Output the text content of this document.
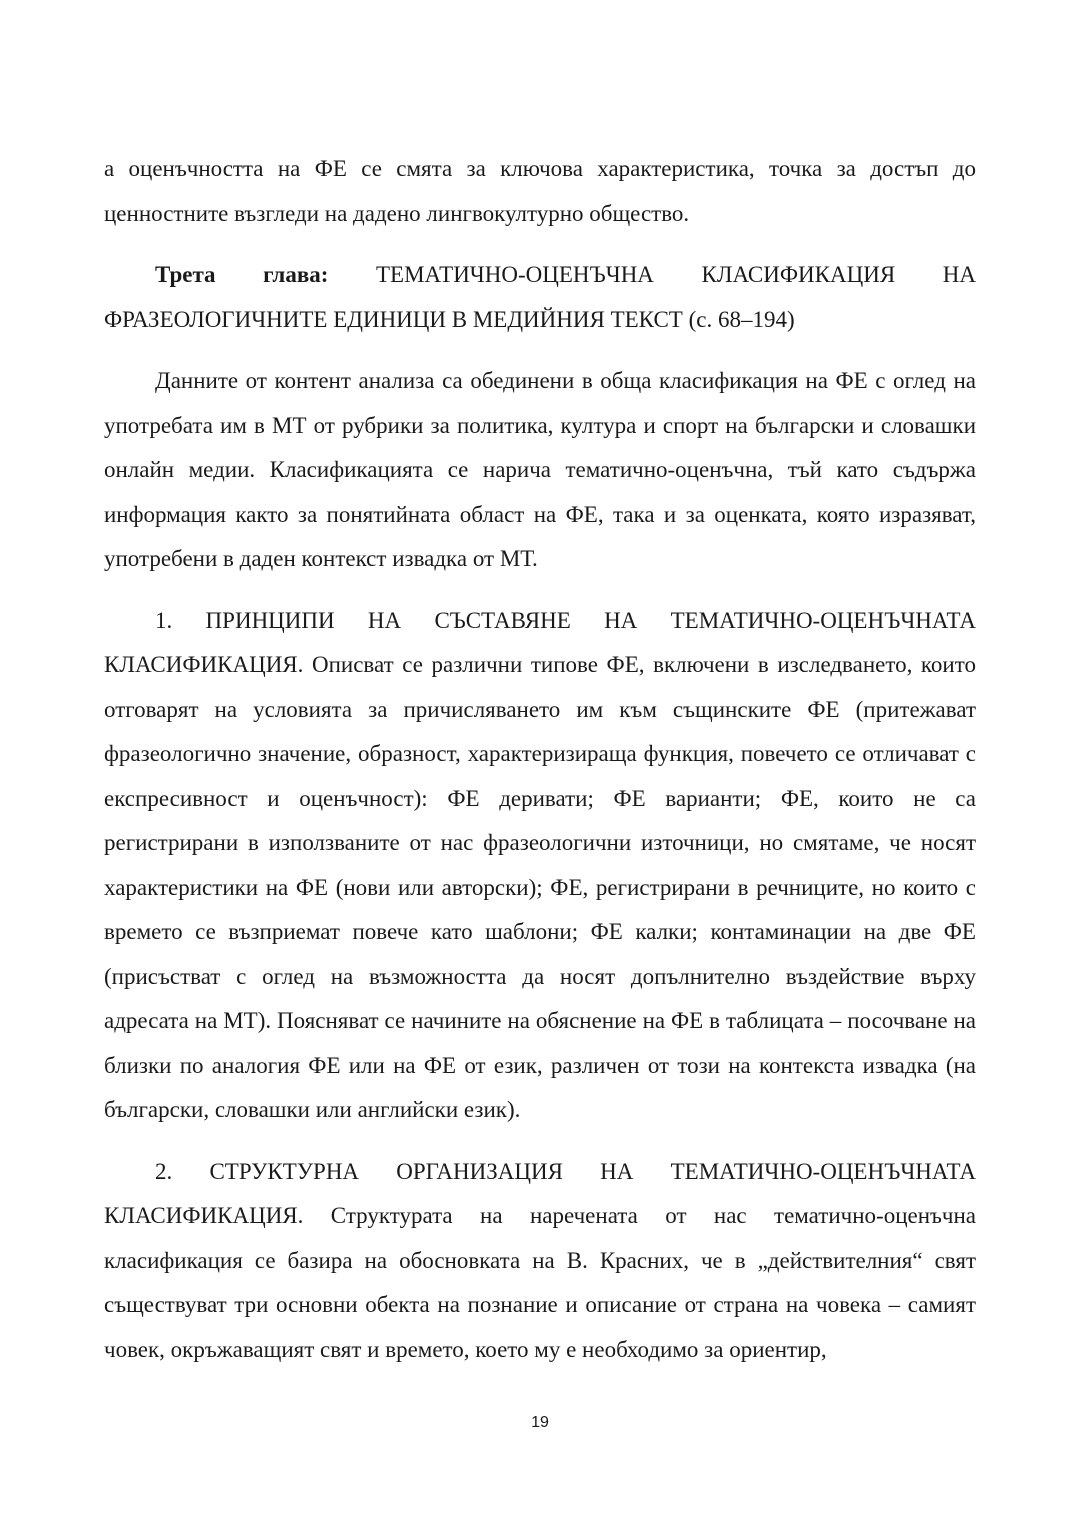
а оценъчността на ФЕ се смята за ключова характеристика, точка за достъп до ценностните възгледи на дадено лингвокултурно общество.

Трета глава: ТЕМАТИЧНО-ОЦЕНЪЧНА КЛАСИФИКАЦИЯ НА ФРАЗЕОЛОГИЧНИТЕ ЕДИНИЦИ В МЕДИЙНИЯ ТЕКСТ (с. 68–194)

Данните от контент анализа са обединени в обща класификация на ФЕ с оглед на употребата им в МТ от рубрики за политика, култура и спорт на български и словашки онлайн медии. Класификацията се нарича тематично-оценъчна, тъй като съдържа информация както за понятийната област на ФЕ, така и за оценката, която изразяват, употребени в даден контекст извадка от МТ.

1. ПРИНЦИПИ НА СЪСТАВЯНЕ НА ТЕМАТИЧНО-ОЦЕНЪЧНАТА КЛАСИФИКАЦИЯ. Описват се различни типове ФЕ, включени в изследването, които отговарят на условията за причисляването им към същинските ФЕ (притежават фразеологично значение, образност, характеризираща функция, повечето се отличават с експресивност и оценъчност): ФЕ деривати; ФЕ варианти; ФЕ, които не са регистрирани в използваните от нас фразеологични източници, но смятаме, че носят характеристики на ФЕ (нови или авторски); ФЕ, регистрирани в речниците, но които с времето се възприемат повече като шаблони; ФЕ калки; контаминации на две ФЕ (присъстват с оглед на възможността да носят допълнително въздействие върху адресата на МТ). Поясняват се начините на обяснение на ФЕ в таблицата – посочване на близки по аналогия ФЕ или на ФЕ от език, различен от този на контекста извадка (на български, словашки или английски език).

2. СТРУКТУРНА ОРГАНИЗАЦИЯ НА ТЕМАТИЧНО-ОЦЕНЪЧНАТА КЛАСИФИКАЦИЯ. Структурата на наречената от нас тематично-оценъчна класификация се базира на обосновката на В. Красних, че в „действителния“ свят съществуват три основни обекта на познание и описание от страна на човека – самият човек, окръжаващият свят и времето, което му е необходимо за ориентир,

19
